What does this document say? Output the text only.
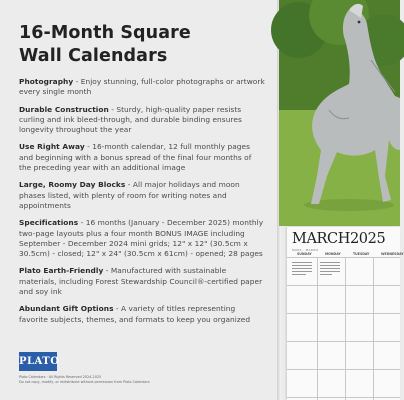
16-Month Square
Wall Calendars
Photography - Enjoy stunning, full-color photographs or artwork every single month
Durable Construction - Sturdy, high-quality paper resists curling and ink bleed-through, and durable binding ensures longevity throughout the year
Use Right Away - 16-month calendar, 12 full monthly pages and beginning with a bonus spread of the final four months of the preceding year with an additional image
Large, Roomy Day Blocks - All major holidays and moon phases listed, with plenty of room for writing notes and appointments
Specifications - 16 months (January - December 2025) monthly two-page layouts plus a four month BONUS IMAGE including September - December 2024 mini grids; 12" x 12" (30.5cm x 30.5cm) - closed; 12" x 24" (30.5cm x 61cm) - opened; 28 pages
Plato Earth-Friendly - Manufactured with sustainable materials, including Forest Stewardship Council®-certified paper and soy ink
Abundant Gift Options - A variety of titles representing favorite subjects, themes, and formats to keep you organized
PLATO
Plato Calendars · All Rights Reserved 2024-2025
Do not copy, modify, or redistribute without permission from Plato Calendars
MARCH2025
MARS · MARZO
SUNDAY	MONDAY	TUESDAY	WEDNESDAY
